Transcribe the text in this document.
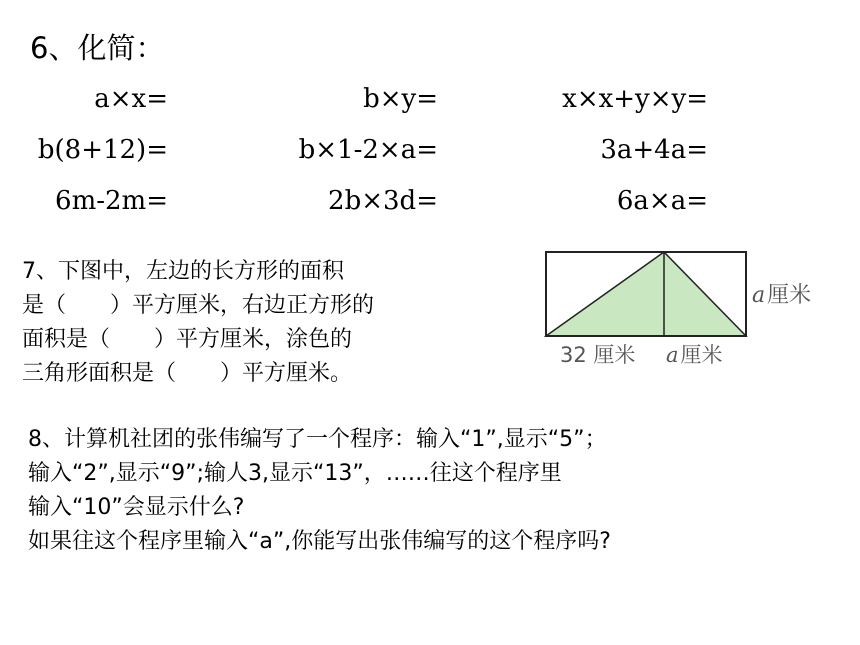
6、化简：
a×x=	b×y=	x×x+y×y=
b(8+12)=	b×1-2×a=	3a+4a=
6m-2m=	2b×3d=	6a×a=
7、下图中，左边的长方形的面积
是（　　）平方厘米，右边正方形的
面积是（　　）平方厘米，涂色的
三角形面积是（　　）平方厘米。
a厘米
32 厘米 a厘米
8、计算机社团的张伟编写了一个程序：输入“1”,显示“5”；
输入“2”,显示“9”;输人3,显示“13”，……往这个程序里
输入“10”会显示什么?
如果往这个程序里输入“a”,你能写出张伟编写的这个程序吗?
